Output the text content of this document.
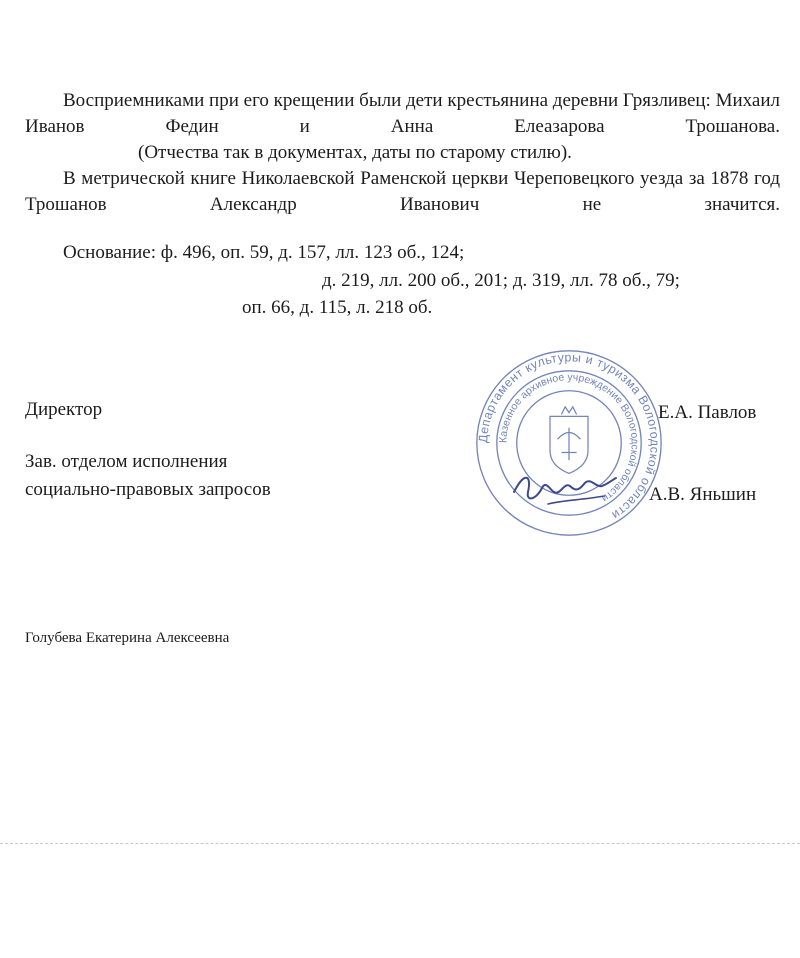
Восприемниками при его крещении были дети крестьянина деревни Грязливец: Михаил Иванов Федин и Анна Елеазарова Трошанова.

(Отчества так в документах, даты по старому стилю).

В метрической книге Николаевской Раменской церкви Череповецкого уезда за 1878 год Трошанов Александр Иванович не значится.

Основание: ф. 496, оп. 59, д. 157, лл. 123 об., 124;
д. 219, лл. 200 об., 201; д. 319, лл. 78 об., 79;
оп. 66, д. 115, л. 218 об.
Департамент культуры и туризма Вологодской области
Казенное архивное учреждение Вологодской области
Директор	Е.А. Павлов
Зав. отделом исполнения
социально-правовых запросов	А.В. Яньшин
Голубева Екатерина Алексеевна
